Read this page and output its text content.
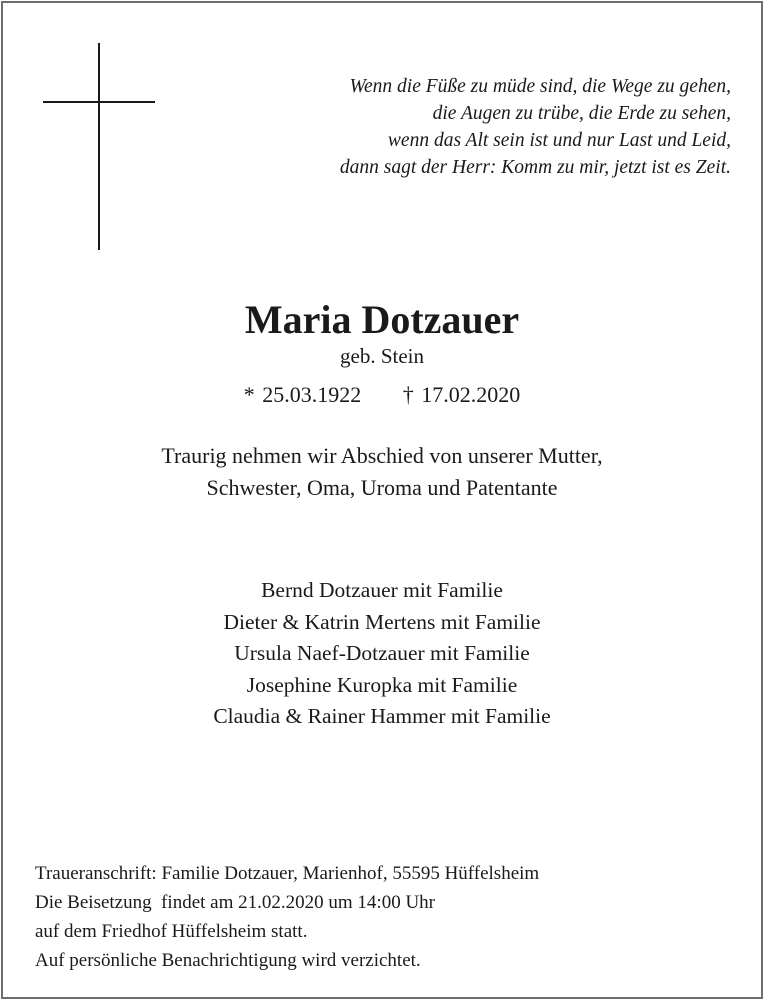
Wenn die Füße zu müde sind, die Wege zu gehen,
die Augen zu trübe, die Erde zu sehen,
wenn das Alt sein ist und nur Last und Leid,
dann sagt der Herr: Komm zu mir, jetzt ist es Zeit.
Maria Dotzauer
geb. Stein
* 25.03.1922 † 17.02.2020
Traurig nehmen wir Abschied von unserer Mutter,
Schwester, Oma, Uroma und Patentante
Bernd Dotzauer mit Familie
Dieter & Katrin Mertens mit Familie
Ursula Naef-Dotzauer mit Familie
Josephine Kuropka mit Familie
Claudia & Rainer Hammer mit Familie
Traueranschrift: Familie Dotzauer, Marienhof, 55595 Hüffelsheim
Die Beisetzung  findet am 21.02.2020 um 14:00 Uhr
auf dem Friedhof Hüffelsheim statt.
Auf persönliche Benachrichtigung wird verzichtet.
